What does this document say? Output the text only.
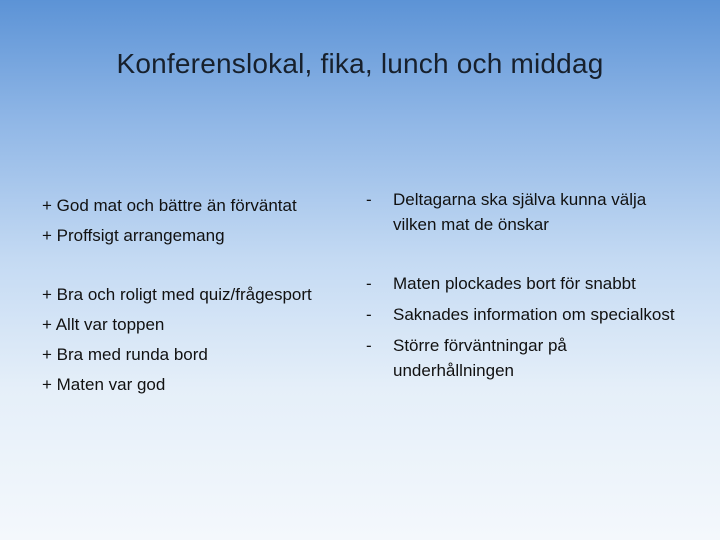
Konferenslokal, fika, lunch och middag

+ God mat och bättre än förväntat

+ Proffsigt arrangemang

+ Bra och roligt med quiz/frågesport

+ Allt var toppen

+ Bra med runda bord

+ Maten var god

- Deltagarna ska själva kunna välja vilken mat de önskar
- Maten plockades bort för snabbt
- Saknades information om specialkost
- Större förväntningar på underhållningen
